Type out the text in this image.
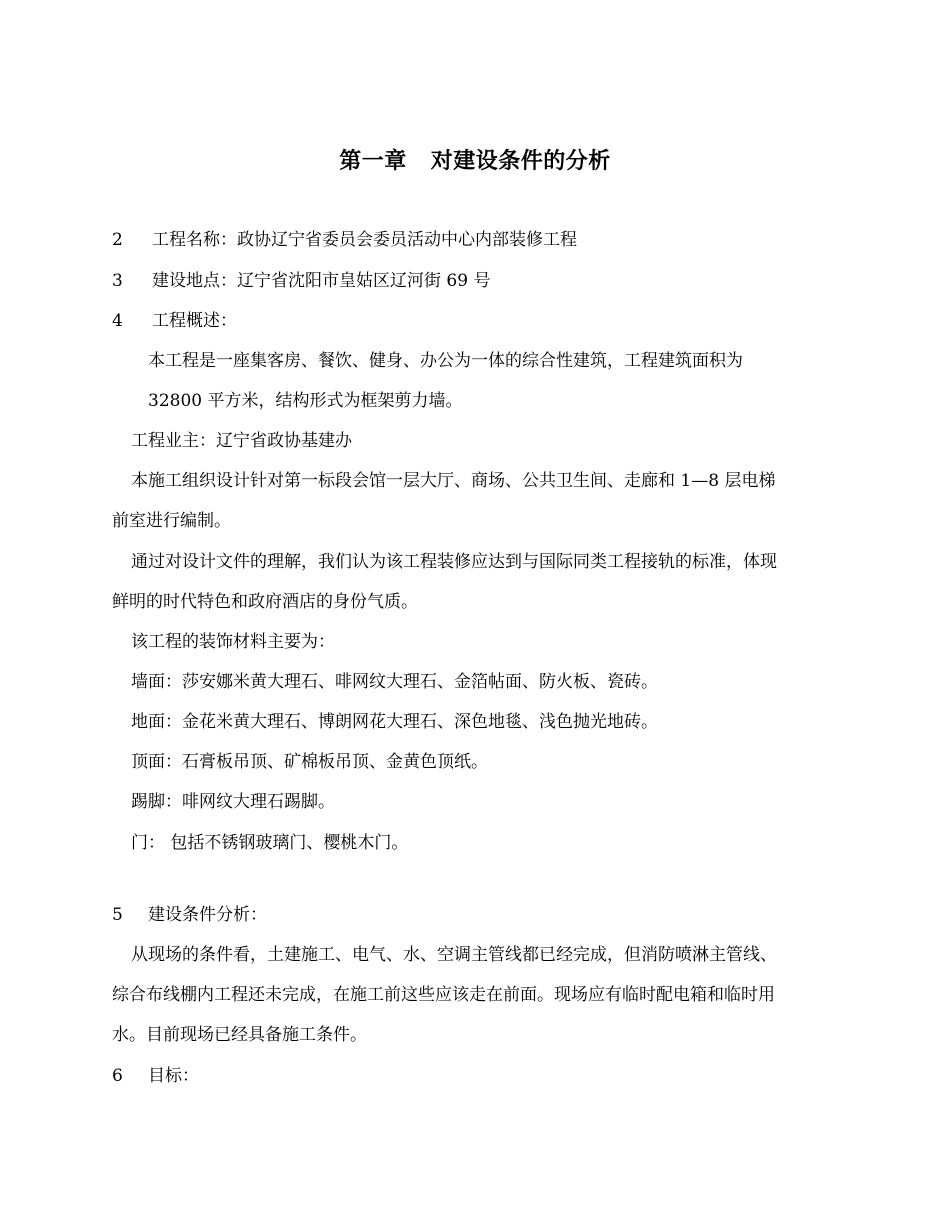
第一章 对建设条件的分析
2 工程名称：政协辽宁省委员会委员活动中心内部装修工程
3 建设地点：辽宁省沈阳市皇姑区辽河街 69 号
4 工程概述：
本工程是一座集客房、餐饮、健身、办公为一体的综合性建筑，工程建筑面积为
32800 平方米，结构形式为框架剪力墙。
工程业主：辽宁省政协基建办
本施工组织设计针对第一标段会馆一层大厅、商场、公共卫生间、走廊和 1—8 层电梯
前室进行编制。
通过对设计文件的理解，我们认为该工程装修应达到与国际同类工程接轨的标准，体现
鲜明的时代特色和政府酒店的身份气质。
该工程的装饰材料主要为：
墙面：莎安娜米黄大理石、啡网纹大理石、金箔帖面、防火板、瓷砖。
地面：金花米黄大理石、博朗网花大理石、深色地毯、浅色抛光地砖。
顶面：石膏板吊顶、矿棉板吊顶、金黄色顶纸。
踢脚：啡网纹大理石踢脚。
门： 包括不锈钢玻璃门、樱桃木门。
5 建设条件分析：
从现场的条件看，土建施工、电气、水、空调主管线都已经完成，但消防喷淋主管线、
综合布线棚内工程还未完成，在施工前这些应该走在前面。现场应有临时配电箱和临时用
水。目前现场已经具备施工条件。
6 目标：
